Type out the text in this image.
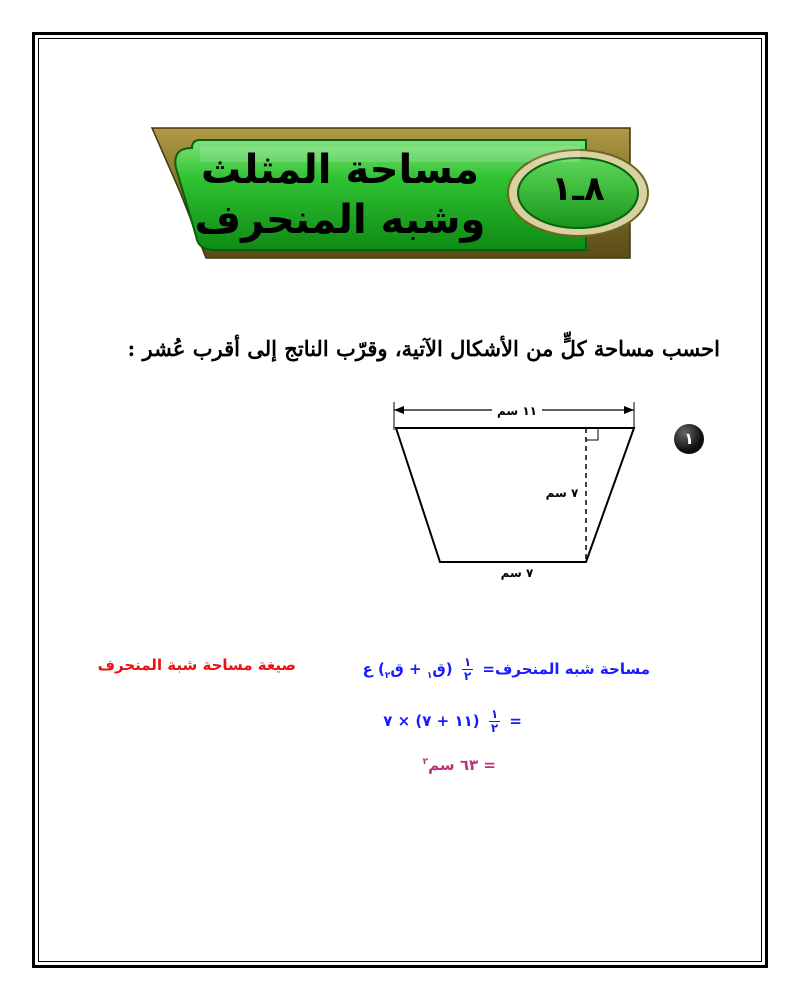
مساحة المثلث
وشبه المنحرف
٨ـ١
احسب مساحة كلٍّ من الأشكال الآتية، وقرّب الناتج إلى أقرب عُشر :
١
١١ سم
٧ سم
٧ سم
مساحة شبه المنحرف=
$\frac{١}{٢}$
(ق$_١$ + ق$_٢$) ع
صيغة مساحة شبة المنحرف
=
$\frac{١}{٢}$
(١١ + ٧) × ٧
= ٦٣ سم$^٢$
